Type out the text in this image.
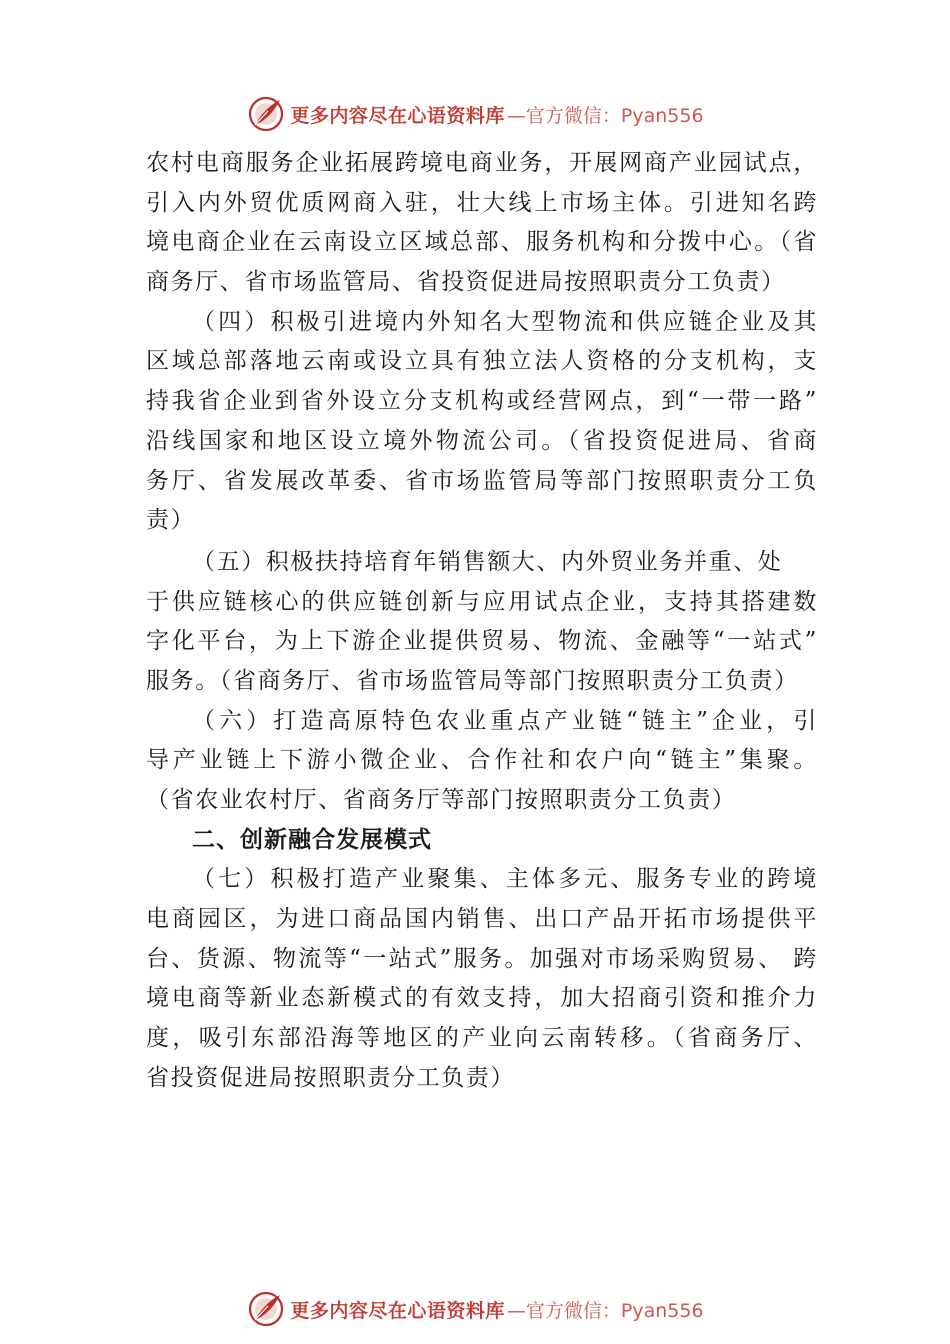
更多内容尽在心语资料库 —官方微信：Pyan556
农村电商服务企业拓展跨境电商业务，开展网商产业园试点，
引入内外贸优质网商入驻，壮大线上市场主体。引进知名跨
境电商企业在云南设立区域总部、服务机构和分拨中心。（省
商务厅、省市场监管局、省投资促进局按照职责分工负责）
（四）积极引进境内外知名大型物流和供应链企业及其
区域总部落地云南或设立具有独立法人资格的分支机构，支
持我省企业到省外设立分支机构或经营网点，到“一带一路”
沿线国家和地区设立境外物流公司。（省投资促进局、省商
务厅、省发展改革委、省市场监管局等部门按照职责分工负
责）
（五）积极扶持培育年销售额大、内外贸业务并重、处
于供应链核心的供应链创新与应用试点企业，支持其搭建数
字化平台，为上下游企业提供贸易、物流、金融等“一站式”
服务。（省商务厅、省市场监管局等部门按照职责分工负责）
（六）打造高原特色农业重点产业链“链主”企业，引
导产业链上下游小微企业、合作社和农户向“链主”集聚。
（省农业农村厅、省商务厅等部门按照职责分工负责）
二、创新融合发展模式
（七）积极打造产业聚集、主体多元、服务专业的跨境
电商园区，为进口商品国内销售、出口产品开拓市场提供平
台、货源、物流等“一站式”服务。加强对市场采购贸易、 跨
境电商等新业态新模式的有效支持，加大招商引资和推介力
度，吸引东部沿海等地区的产业向云南转移。（省商务厅、
省投资促进局按照职责分工负责）
更多内容尽在心语资料库 —官方微信：Pyan556
